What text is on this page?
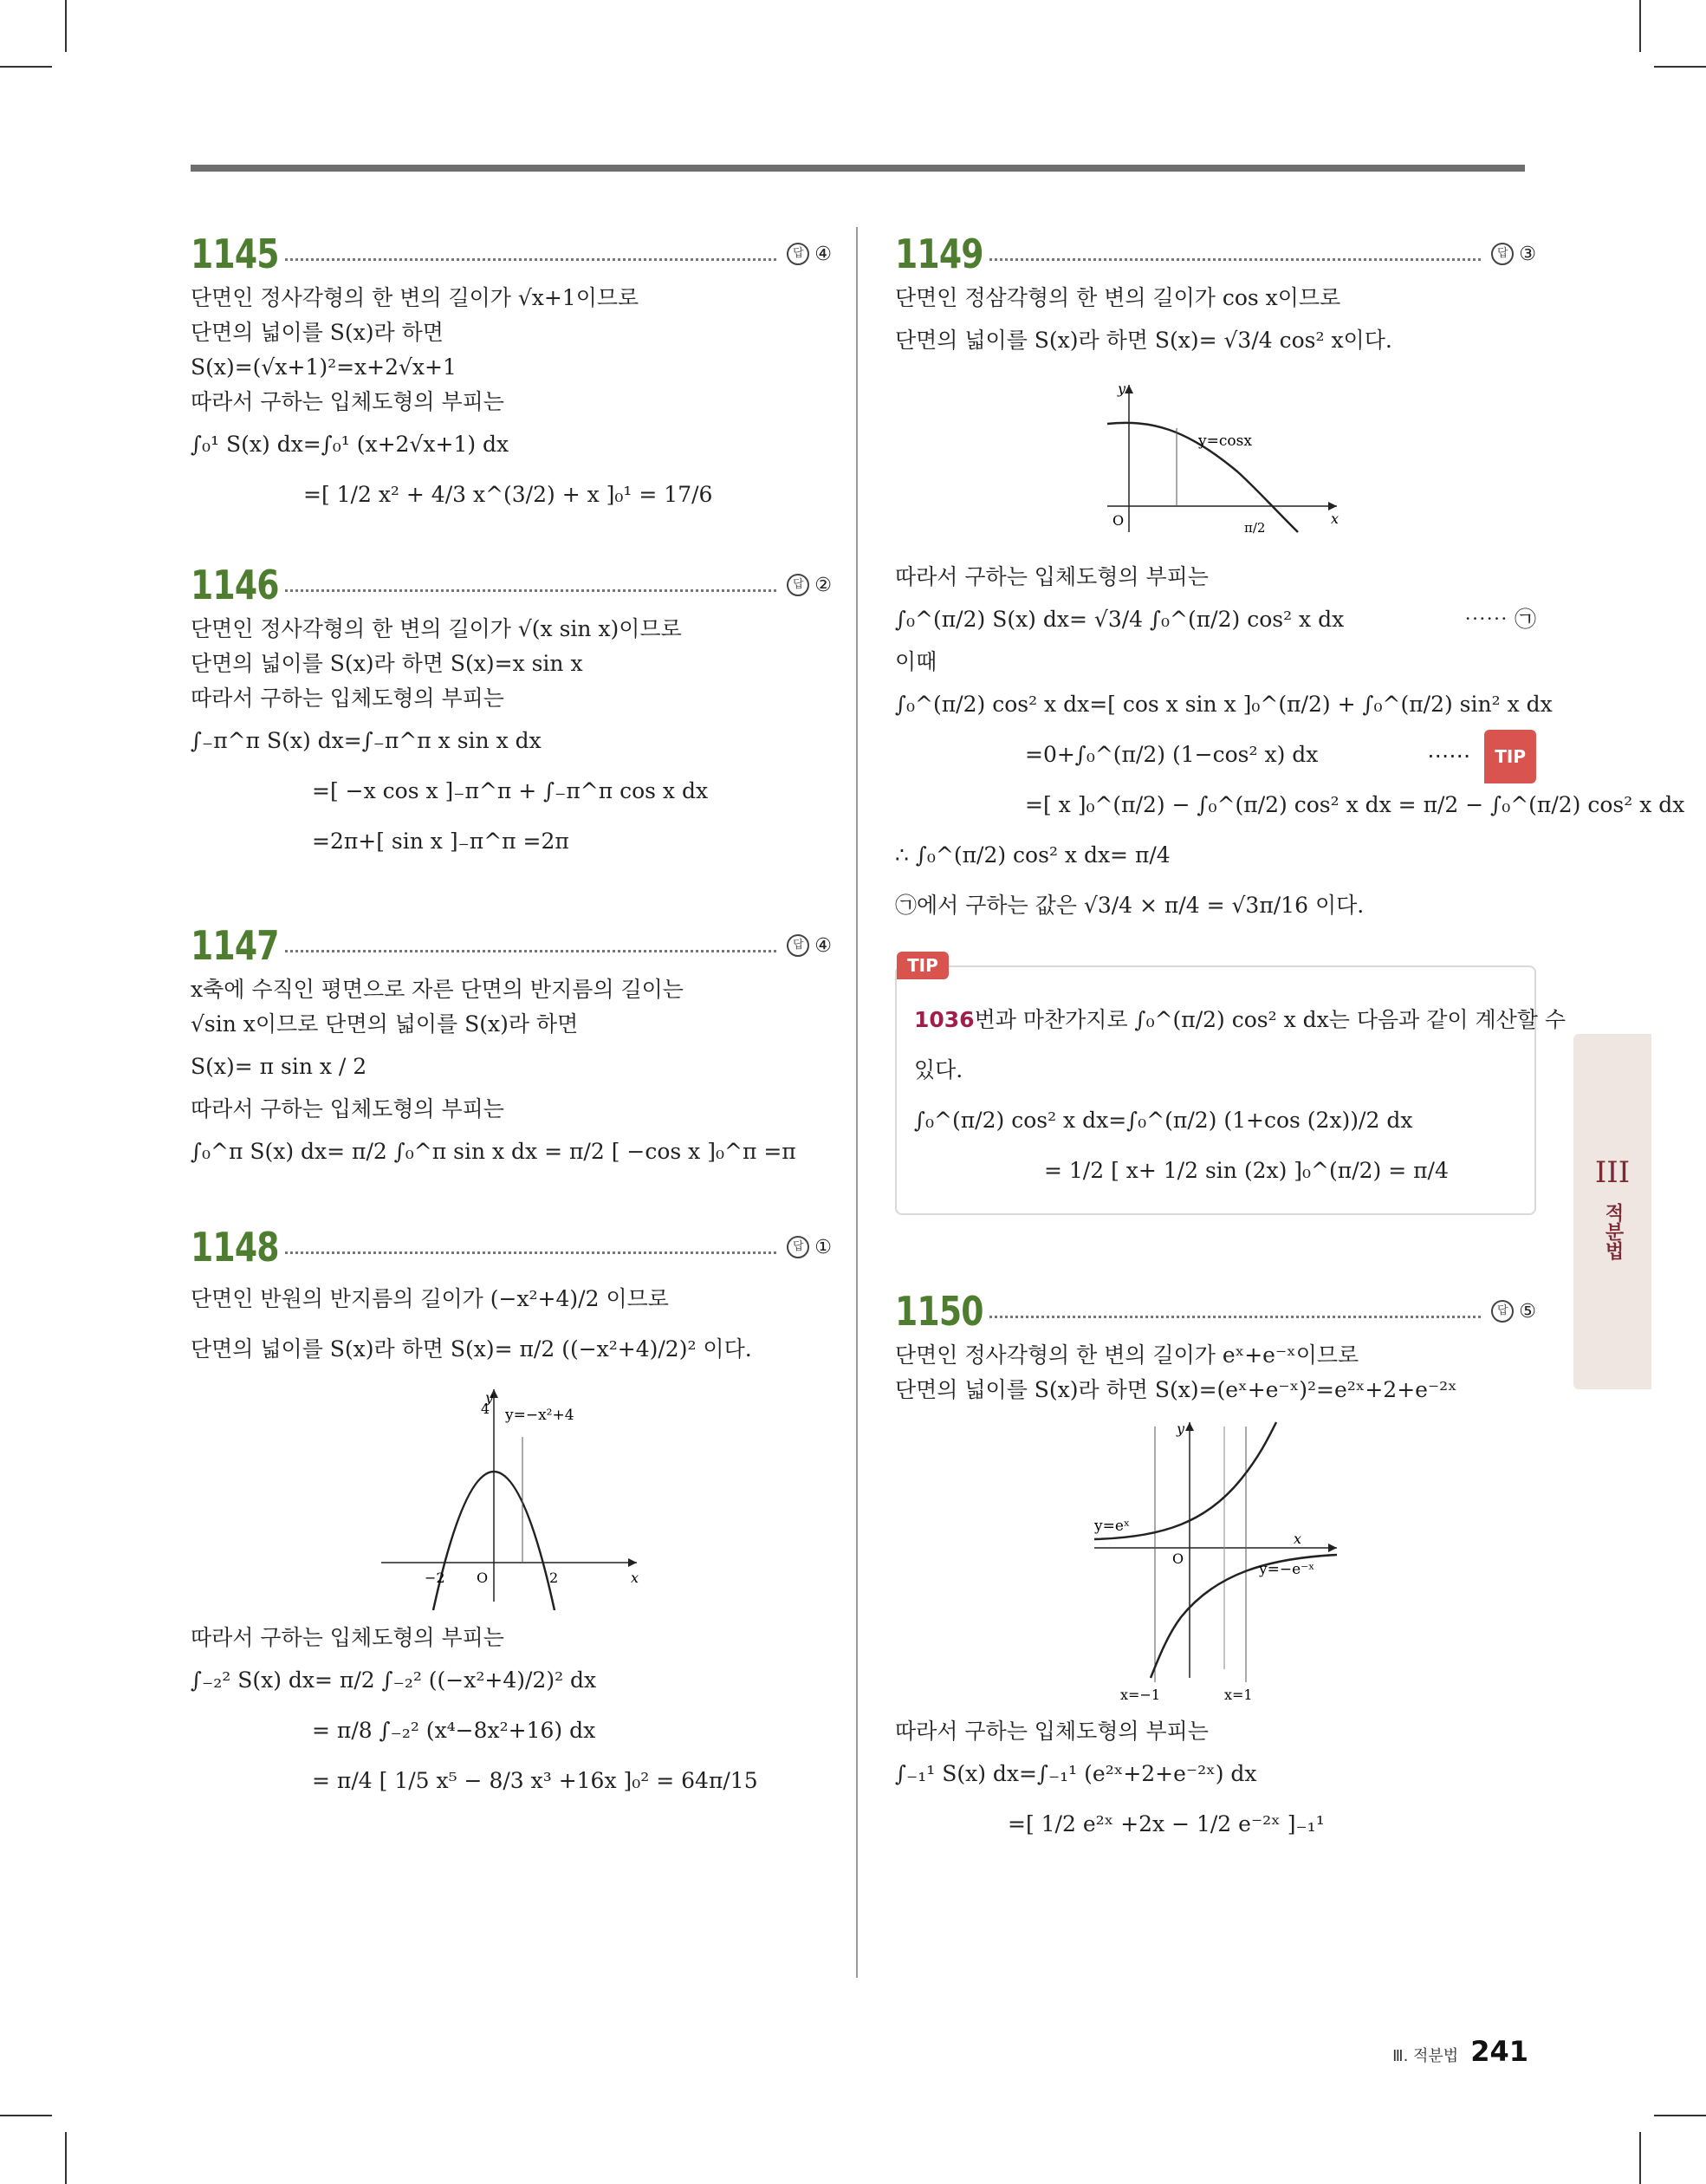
1145	답 ④
단면인 정사각형의 한 변의 길이가 √x+1이므로
단면의 넓이를 S(x)라 하면
S(x)=(√x+1)²=x+2√x+1
따라서 구하는 입체도형의 부피는
∫₀¹ S(x) dx=∫₀¹ (x+2√x+1) dx
=[ 1/2 x² + 4/3 x^(3/2) + x ]₀¹ = 17/6
1146	답 ②
단면인 정사각형의 한 변의 길이가 √(x sin x)이므로
단면의 넓이를 S(x)라 하면 S(x)=x sin x
따라서 구하는 입체도형의 부피는
∫₋π^π S(x) dx=∫₋π^π x sin x dx
=[ −x cos x ]₋π^π + ∫₋π^π cos x dx
=2π+[ sin x ]₋π^π =2π
1147	답 ④
x축에 수직인 평면으로 자른 단면의 반지름의 길이는
√sin x이므로 단면의 넓이를 S(x)라 하면
S(x)= π sin x / 2
따라서 구하는 입체도형의 부피는
∫₀^π S(x) dx= π/2 ∫₀^π sin x dx = π/2 [ −cos x ]₀^π =π
1148	답 ①
단면인 반원의 반지름의 길이가 (−x²+4)/2 이므로
단면의 넓이를 S(x)라 하면 S(x)= π/2 ((−x²+4)/2)² 이다.
y
x
4 y=−x²+4
−2 O	2
따라서 구하는 입체도형의 부피는
∫₋₂² S(x) dx= π/2 ∫₋₂² ((−x²+4)/2)² dx
= π/8 ∫₋₂² (x⁴−8x²+16) dx
= π/4 [ 1/5 x⁵ − 8/3 x³ +16x ]₀² = 64π/15
1149	답 ③
단면인 정삼각형의 한 변의 길이가 cos x이므로
단면의 넓이를 S(x)라 하면 S(x)= √3/4 cos² x이다.
y
x
O
y=cosx
π/2
따라서 구하는 입체도형의 부피는
∫₀^(π/2) S(x) dx= √3/4 ∫₀^(π/2) cos² x dx	⋯⋯ ㉠
이때
∫₀^(π/2) cos² x dx=[ cos x sin x ]₀^(π/2) + ∫₀^(π/2) sin² x dx
⋯⋯ TIP
=0+∫₀^(π/2) (1−cos² x) dx
=[ x ]₀^(π/2) − ∫₀^(π/2) cos² x dx = π/2 − ∫₀^(π/2) cos² x dx
∴ ∫₀^(π/2) cos² x dx= π/4
㉠에서 구하는 값은 √3/4 × π/4 = √3π/16 이다.
TIP
1036번과 마찬가지로 ∫₀^(π/2) cos² x dx는 다음과 같이 계산할 수
있다.
∫₀^(π/2) cos² x dx=∫₀^(π/2) (1+cos (2x))/2 dx
= 1/2 [ x+ 1/2 sin (2x) ]₀^(π/2) = π/4
1150	답 ⑤
단면인 정사각형의 한 변의 길이가 eˣ+e⁻ˣ이므로
단면의 넓이를 S(x)라 하면 S(x)=(eˣ+e⁻ˣ)²=e²ˣ+2+e⁻²ˣ
y
x
O
y=eˣ
y=−e⁻ˣ
x=−1	x=1
따라서 구하는 입체도형의 부피는
∫₋₁¹ S(x) dx=∫₋₁¹ (e²ˣ+2+e⁻²ˣ) dx
=[ 1/2 e²ˣ +2x − 1/2 e⁻²ˣ ]₋₁¹
III
적분법
Ⅲ. 적분법 241
